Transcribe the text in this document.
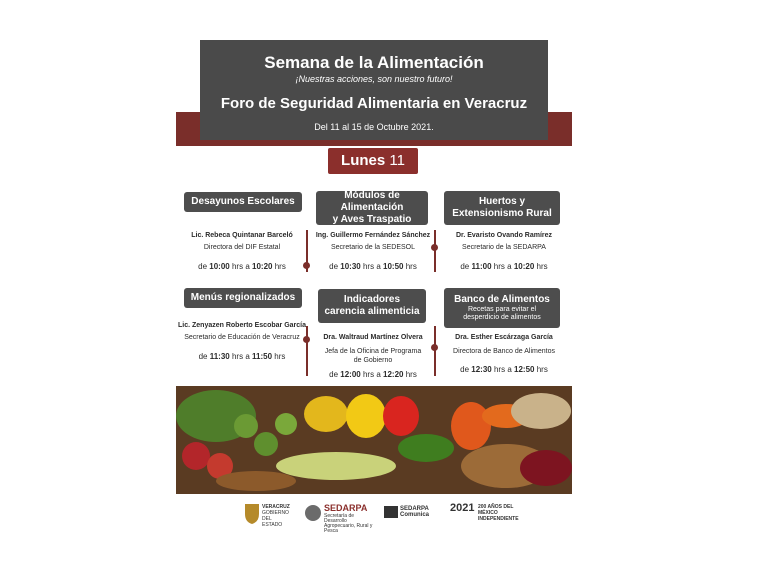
Semana de la Alimentación
¡Nuestras acciones, son nuestro futuro!
Foro de Seguridad Alimentaria en Veracruz
Del 11 al 15 de Octubre 2021.
Lunes 11
Desayunos Escolares
Lic. Rebeca Quintanar Barceló
Directora del DIF Estatal
de 10:00 hrs a 10:20 hrs
Módulos de Alimentación
y Aves Traspatio
Ing. Guillermo Fernández Sánchez
Secretario de la SEDESOL
de 10:30 hrs a 10:50 hrs
Huertos y
Extensionismo Rural
Dr. Evaristo Ovando Ramírez
Secretario de la SEDARPA
de 11:00 hrs a 10:20 hrs
Menús regionalizados
Lic. Zenyazen Roberto Escobar García
Secretario de Educación de Veracruz
de 11:30 hrs a 11:50 hrs
Indicadores
carencia alimenticia
Dra. Waltraud Martínez Olvera
Jefa de la Oficina de Programa
de Gobierno
de 12:00 hrs a 12:20 hrs
Banco de Alimentos
Recetas para evitar el
desperdicio de alimentos
Dra. Esther Escárzaga García
Directora de Banco de Alimentos
de 12:30 hrs a 12:50 hrs
VERACRUZ
GOBIERNO
DEL ESTADO
SEDARPA
Secretaría de Desarrollo Agropecuario, Rural y Pesca
SEDARPA Comunica
2021 200 AÑOS DEL MÉXICO INDEPENDIENTE
